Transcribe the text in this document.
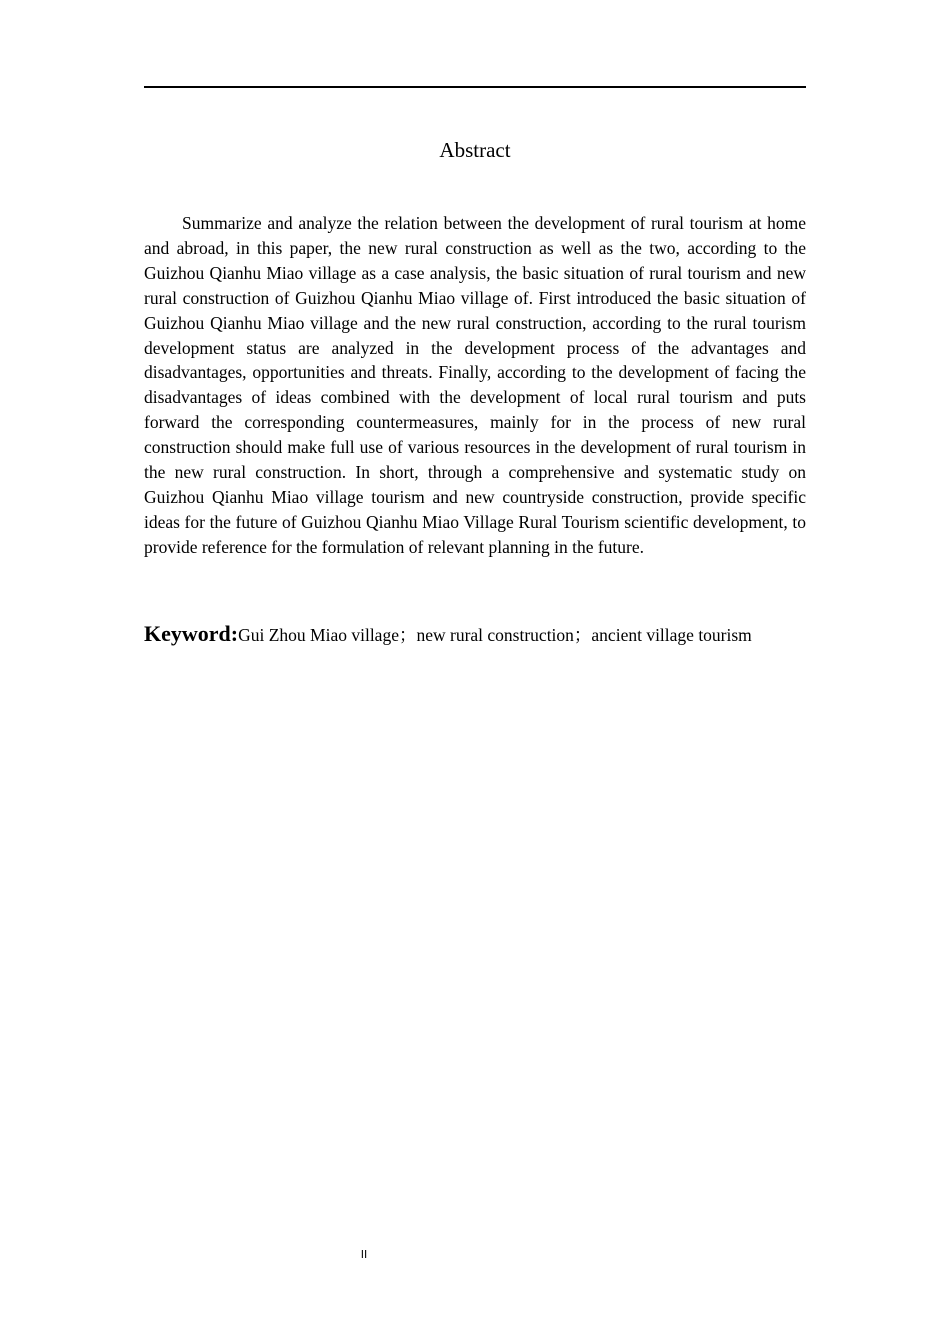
Abstract

Summarize and analyze the relation between the development of rural tourism at home and abroad, in this paper, the new rural construction as well as the two, according to the Guizhou Qianhu Miao village as a case analysis, the basic situation of rural tourism and new rural construction of Guizhou Qianhu Miao village of. First introduced the basic situation of Guizhou Qianhu Miao village and the new rural construction, according to the rural tourism development status are analyzed in the development process of the advantages and disadvantages, opportunities and threats. Finally, according to the development of facing the disadvantages of ideas combined with the development of local rural tourism and puts forward the corresponding countermeasures, mainly for in the process of new rural construction should make full use of various resources in the development of rural tourism in the new rural construction. In short, through a comprehensive and systematic study on Guizhou Qianhu Miao village tourism and new countryside construction, provide specific ideas for the future of Guizhou Qianhu Miao Village Rural Tourism scientific development, to provide reference for the formulation of relevant planning in the future.

Keyword:Gui Zhou Miao village；new rural construction；ancient village tourism

II
